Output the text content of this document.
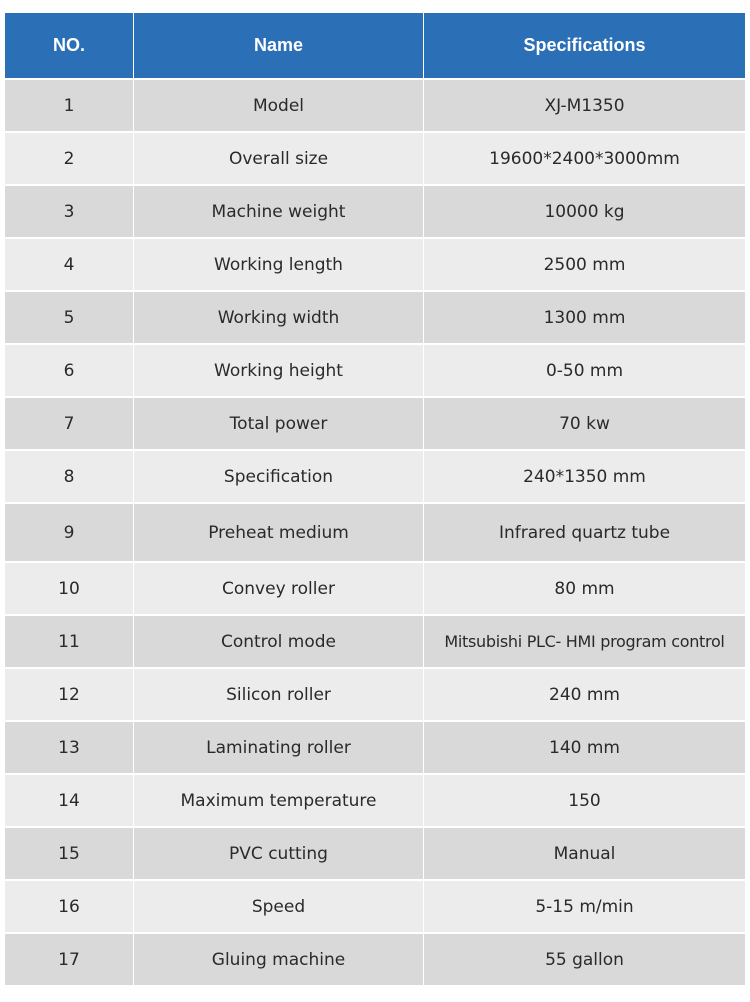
NO.	Name	Specifications
1	Model	XJ-M1350
2	Overall size	19600*2400*3000mm
3	Machine weight	10000 kg
4	Working length	2500 mm
5	Working width	1300 mm
6	Working height	0-50 mm
7	Total power	70 kw
8	Specification	240*1350 mm
9	Preheat medium	Infrared quartz tube
10	Convey roller	80 mm
11	Control mode	Mitsubishi PLC- HMI program control
12	Silicon roller	240 mm
13	Laminating roller	140 mm
14	Maximum temperature	150
15	PVC cutting	Manual
16	Speed	5-15 m/min
17	Gluing machine	55 gallon
